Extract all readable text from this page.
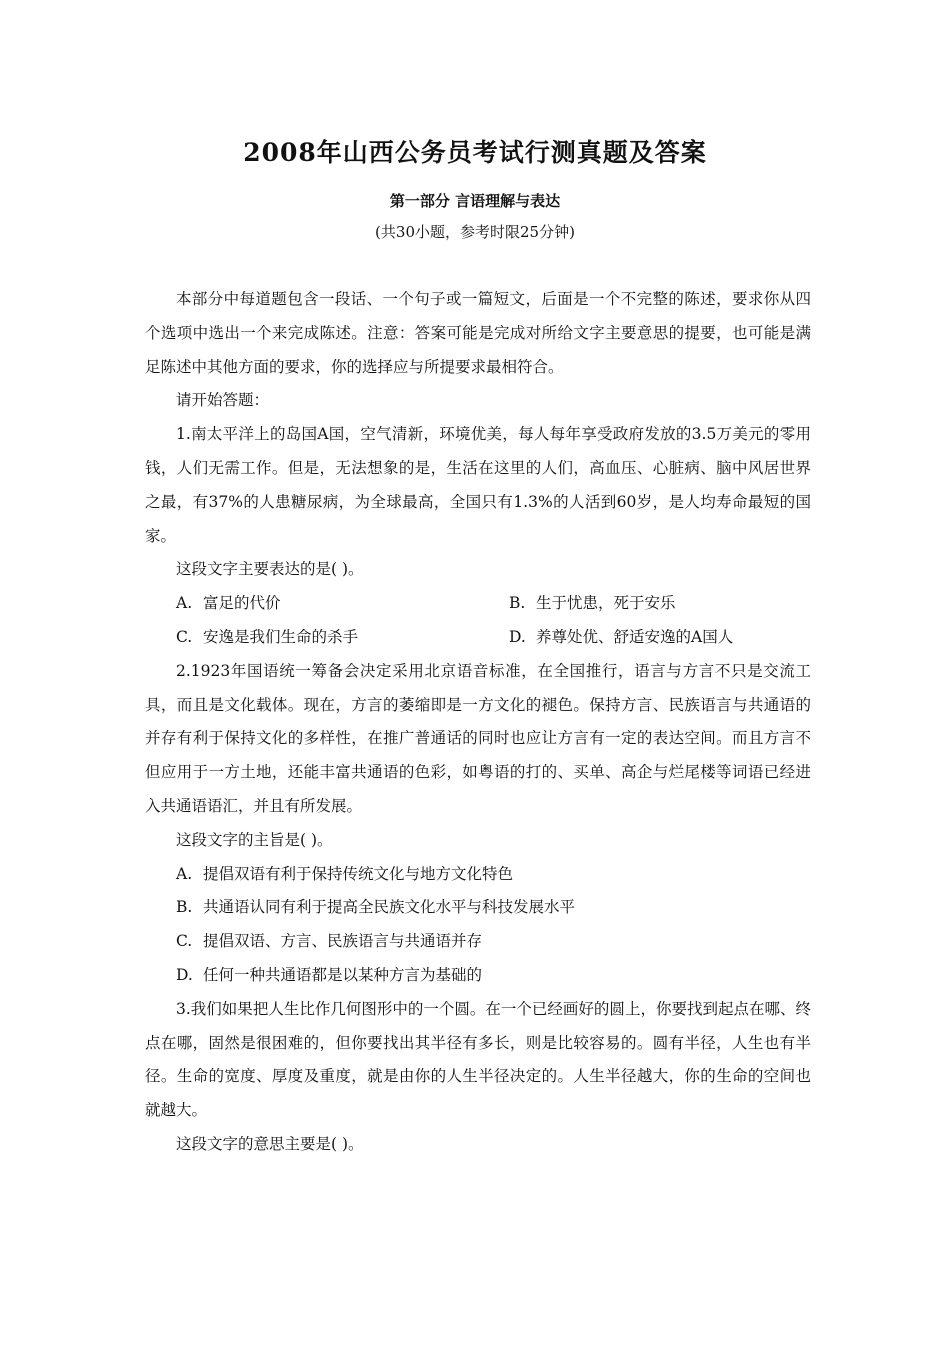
2008年山西公务员考试行测真题及答案
第一部分 言语理解与表达
(共30小题，参考时限25分钟)

本部分中每道题包含一段话、一个句子或一篇短文，后面是一个不完整的陈述，要求你从四个选项中选出一个来完成陈述。注意：答案可能是完成对所给文字主要意思的提要，也可能是满足陈述中其他方面的要求，你的选择应与所提要求最相符合。

请开始答题：

1.南太平洋上的岛国A国，空气清新，环境优美，每人每年享受政府发放的3.5万美元的零用钱，人们无需工作。但是，无法想象的是，生活在这里的人们，高血压、心脏病、脑中风居世界之最，有37%的人患糖尿病，为全球最高，全国只有1.3%的人活到60岁，是人均寿命最短的国家。

这段文字主要表达的是( )。

A. 富足的代价	B. 生于忧患，死于安乐
C. 安逸是我们生命的杀手	D. 养尊处优、舒适安逸的A国人

2.1923年国语统一筹备会决定采用北京语音标准，在全国推行，语言与方言不只是交流工具，而且是文化载体。现在，方言的萎缩即是一方文化的褪色。保持方言、民族语言与共通语的并存有利于保持文化的多样性，在推广普通话的同时也应让方言有一定的表达空间。而且方言不但应用于一方土地，还能丰富共通语的色彩，如粤语的打的、买单、高企与烂尾楼等词语已经进入共通语语汇，并且有所发展。

这段文字的主旨是( )。

A. 提倡双语有利于保持传统文化与地方文化特色
B. 共通语认同有利于提高全民族文化水平与科技发展水平
C. 提倡双语、方言、民族语言与共通语并存
D. 任何一种共通语都是以某种方言为基础的

3.我们如果把人生比作几何图形中的一个圆。在一个已经画好的圆上，你要找到起点在哪、终点在哪，固然是很困难的，但你要找出其半径有多长，则是比较容易的。圆有半径，人生也有半径。生命的宽度、厚度及重度，就是由你的人生半径决定的。人生半径越大，你的生命的空间也就越大。

这段文字的意思主要是( )。
